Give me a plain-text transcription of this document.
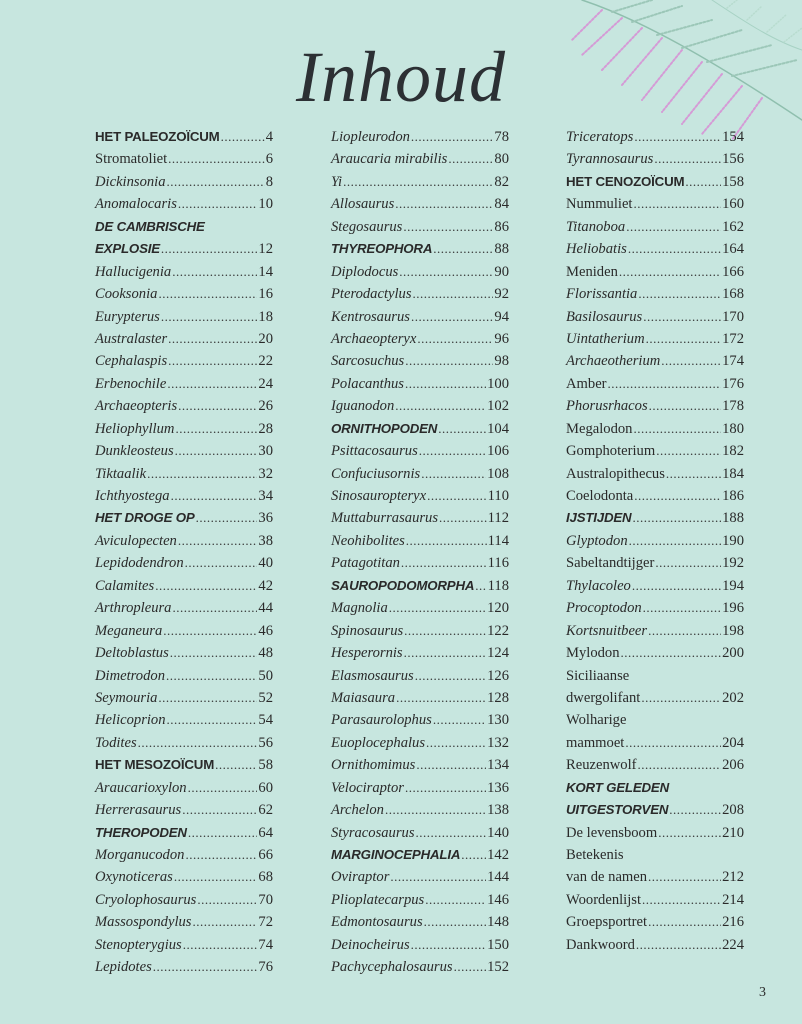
Inhoud
HET PALEOZOÏCUM .....	4
Stromatoliet .....	6
Dickinsonia .....	8
Anomalocaris .....	10
DE CAMBRISCHE
EXPLOSIE .....	12
Hallucigenia .....	14
Cooksonia .....	16
Eurypterus .....	18
Australaster .....	20
Cephalaspis .....	22
Erbenochile .....	24
Archaeopteris .....	26
Heliophyllum .....	28
Dunkleosteus .....	30
Tiktaalik .....	32
Ichthyostega .....	34
HET DROGE OP .....	36
Aviculopecten .....	38
Lepidodendron .....	40
Calamites .....	42
Arthropleura .....	44
Meganeura .....	46
Deltoblastus .....	48
Dimetrodon .....	50
Seymouria .....	52
Helicoprion .....	54
Todites .....	56
HET MESOZOÏCUM .....	58
Araucarioxylon .....	60
Herrerasaurus .....	62
THEROPODEN .....	64
Morganucodon .....	66
Oxynoticeras .....	68
Cryolophosaurus .....	70
Massospondylus .....	72
Stenopterygius .....	74
Lepidotes .....	76
Liopleurodon .....	78
Araucaria mirabilis .....	80
Yi .....	82
Allosaurus .....	84
Stegosaurus .....	86
THYREOPHORA .....	88
Diplodocus .....	90
Pterodactylus .....	92
Kentrosaurus .....	94
Archaeopteryx .....	96
Sarcosuchus .....	98
Polacanthus .....	100
Iguanodon .....	102
ORNITHOPODEN .....	104
Psittacosaurus .....	106
Confuciusornis .....	108
Sinosauropteryx .....	110
Muttaburrasaurus .....	112
Neohibolites .....	114
Patagotitan .....	116
SAUROPODOMORPHA ..... 118
Magnolia .....	120
Spinosaurus .....	122
Hesperornis .....	124
Elasmosaurus .....	126
Maiasaura .....	128
Parasaurolophus .....	130
Euoplocephalus .....	132
Ornithomimus .....	134
Velociraptor .....	136
Archelon .....	138
Styracosaurus .....	140
MARGINOCEPHALIA ..... 142
Oviraptor .....	144
Plioplatecarpus .....	146
Edmontosaurus .....	148
Deinocheirus .....	150
Pachycephalosaurus ..... 152
Triceratops .....	154
Tyrannosaurus .....	156
HET CENOZOÏCUM .....	158
Nummuliet .....	160
Titanoboa .....	162
Heliobatis .....	164
Meniden .....	166
Florissantia .....	168
Basilosaurus .....	170
Uintatherium .....	172
Archaeotherium .....	174
Amber .....	176
Phorusrhacos .....	178
Megalodon .....	180
Gomphoterium .....	182
Australopithecus .....	184
Coelodonta .....	186
IJSTIJDEN .....	188
Glyptodon .....	190
Sabeltandtijger .....	192
Thylacoleo .....	194
Procoptodon .....	196
Kortsnuitbeer .....	198
Mylodon .....	200
Siciliaanse
dwergolifant .....	202
Wolharige
mammoet .....	204
Reuzenwolf .....	206
KORT GELEDEN
UITGESTORVEN .....	208
De levensboom .....	210
Betekenis
van de namen .....	212
Woordenlijst .....	214
Groepsportret .....	216
Dankwoord .....	224
3
